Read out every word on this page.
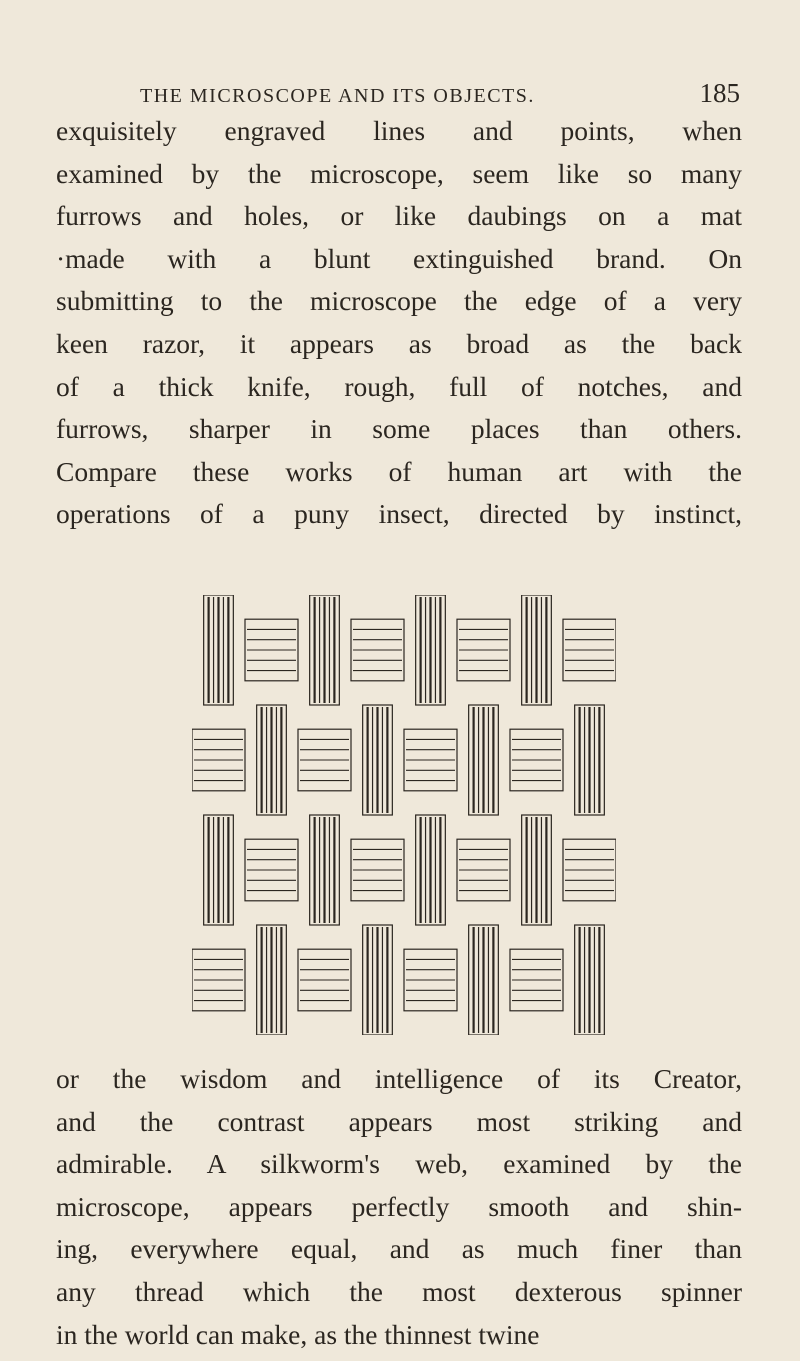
THE MICROSCOPE AND ITS OBJECTS.	185
exquisitely engraved lines and points, when
examined by the microscope, seem like so many
furrows and holes, or like daubings on a mat
·made with a blunt extinguished brand. On
submitting to the microscope the edge of a very
keen razor, it appears as broad as the back
of a thick knife, rough, full of notches, and
furrows, sharper in some places than others.
Compare these works of human art with the
operations of a puny insect, directed by instinct,
or the wisdom and intelligence of its Creator,
and the contrast appears most striking and
admirable. A silkworm's web, examined by the
microscope, appears perfectly smooth and shin-
ing, everywhere equal, and as much finer than
any thread which the most dexterous spinner
in the world can make, as the thinnest twine
